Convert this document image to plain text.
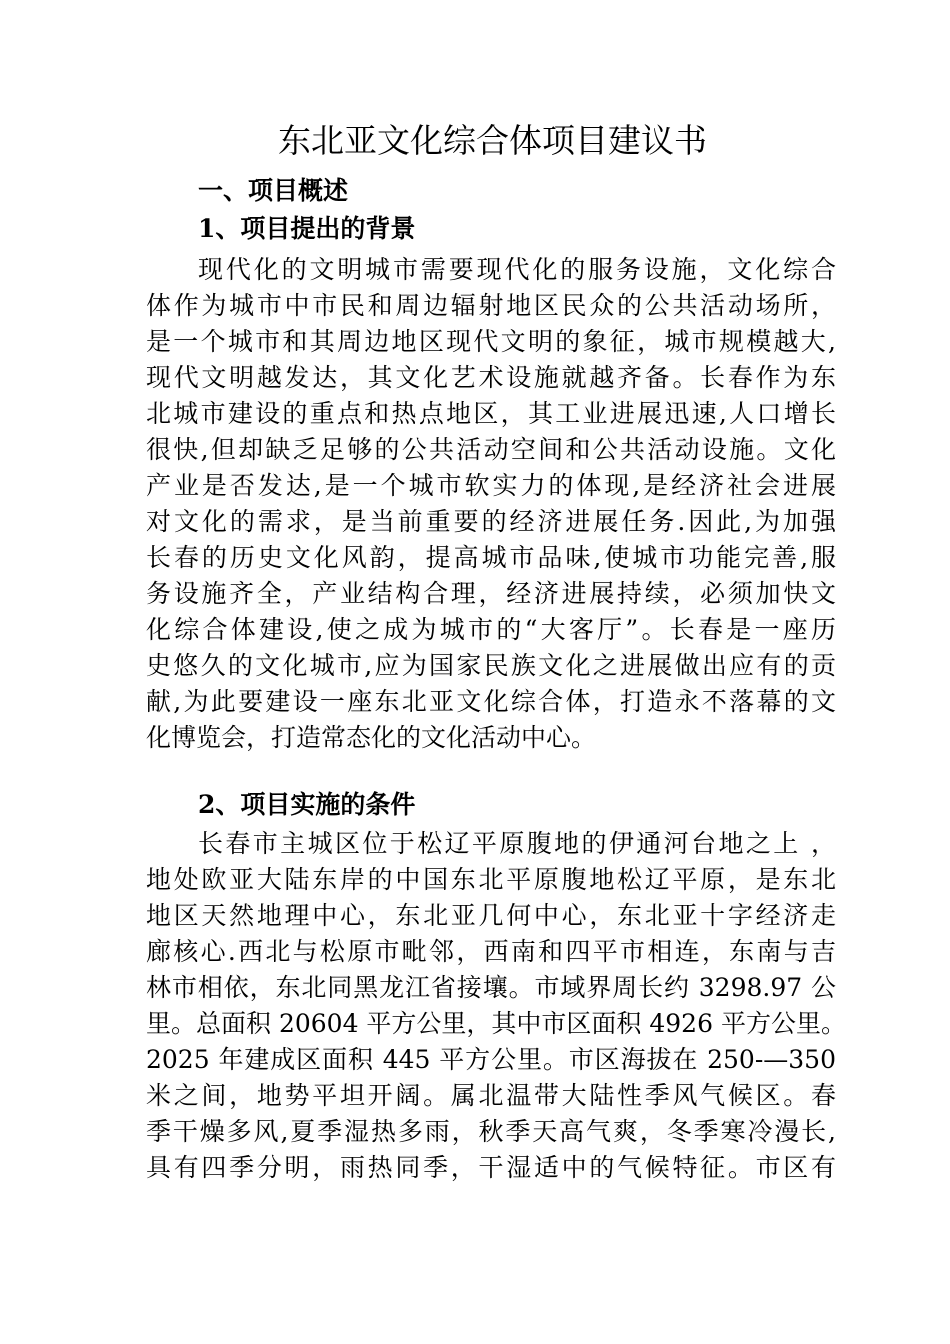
东北亚文化综合体项目建议书
一、项目概述
1、项目提出的背景
现代化的文明城市需要现代化的服务设施，文化综合
体作为城市中市民和周边辐射地区民众的公共活动场所，
是一个城市和其周边地区现代文明的象征，城市规模越大,
现代文明越发达，其文化艺术设施就越齐备。长春作为东
北城市建设的重点和热点地区，其工业进展迅速,人口增长
很快,但却缺乏足够的公共活动空间和公共活动设施。文化
产业是否发达,是一个城市软实力的体现,是经济社会进展
对文化的需求，是当前重要的经济进展任务.因此,为加强
长春的历史文化风韵，提高城市品味,使城市功能完善,服
务设施齐全，产业结构合理，经济进展持续，必须加快文
化综合体建设,使之成为城市的“大客厅”。长春是一座历
史悠久的文化城市,应为国家民族文化之进展做出应有的贡
献,为此要建设一座东北亚文化综合体，打造永不落幕的文
化博览会，打造常态化的文化活动中心。
2、项目实施的条件
长春市主城区位于松辽平原腹地的伊通河台地之上 ，
地处欧亚大陆东岸的中国东北平原腹地松辽平原，是东北
地区天然地理中心，东北亚几何中心，东北亚十字经济走
廊核心.西北与松原市毗邻，西南和四平市相连，东南与吉
林市相依，东北同黑龙江省接壤。市域界周长约 3298.97 公
里。总面积 20604 平方公里，其中市区面积 4926 平方公里。
2025 年建成区面积 445 平方公里。市区海拔在 250-—350
米之间，地势平坦开阔。属北温带大陆性季风气候区。春
季干燥多风,夏季湿热多雨，秋季天高气爽，冬季寒冷漫长,
具有四季分明，雨热同季，干湿适中的气候特征。市区有
